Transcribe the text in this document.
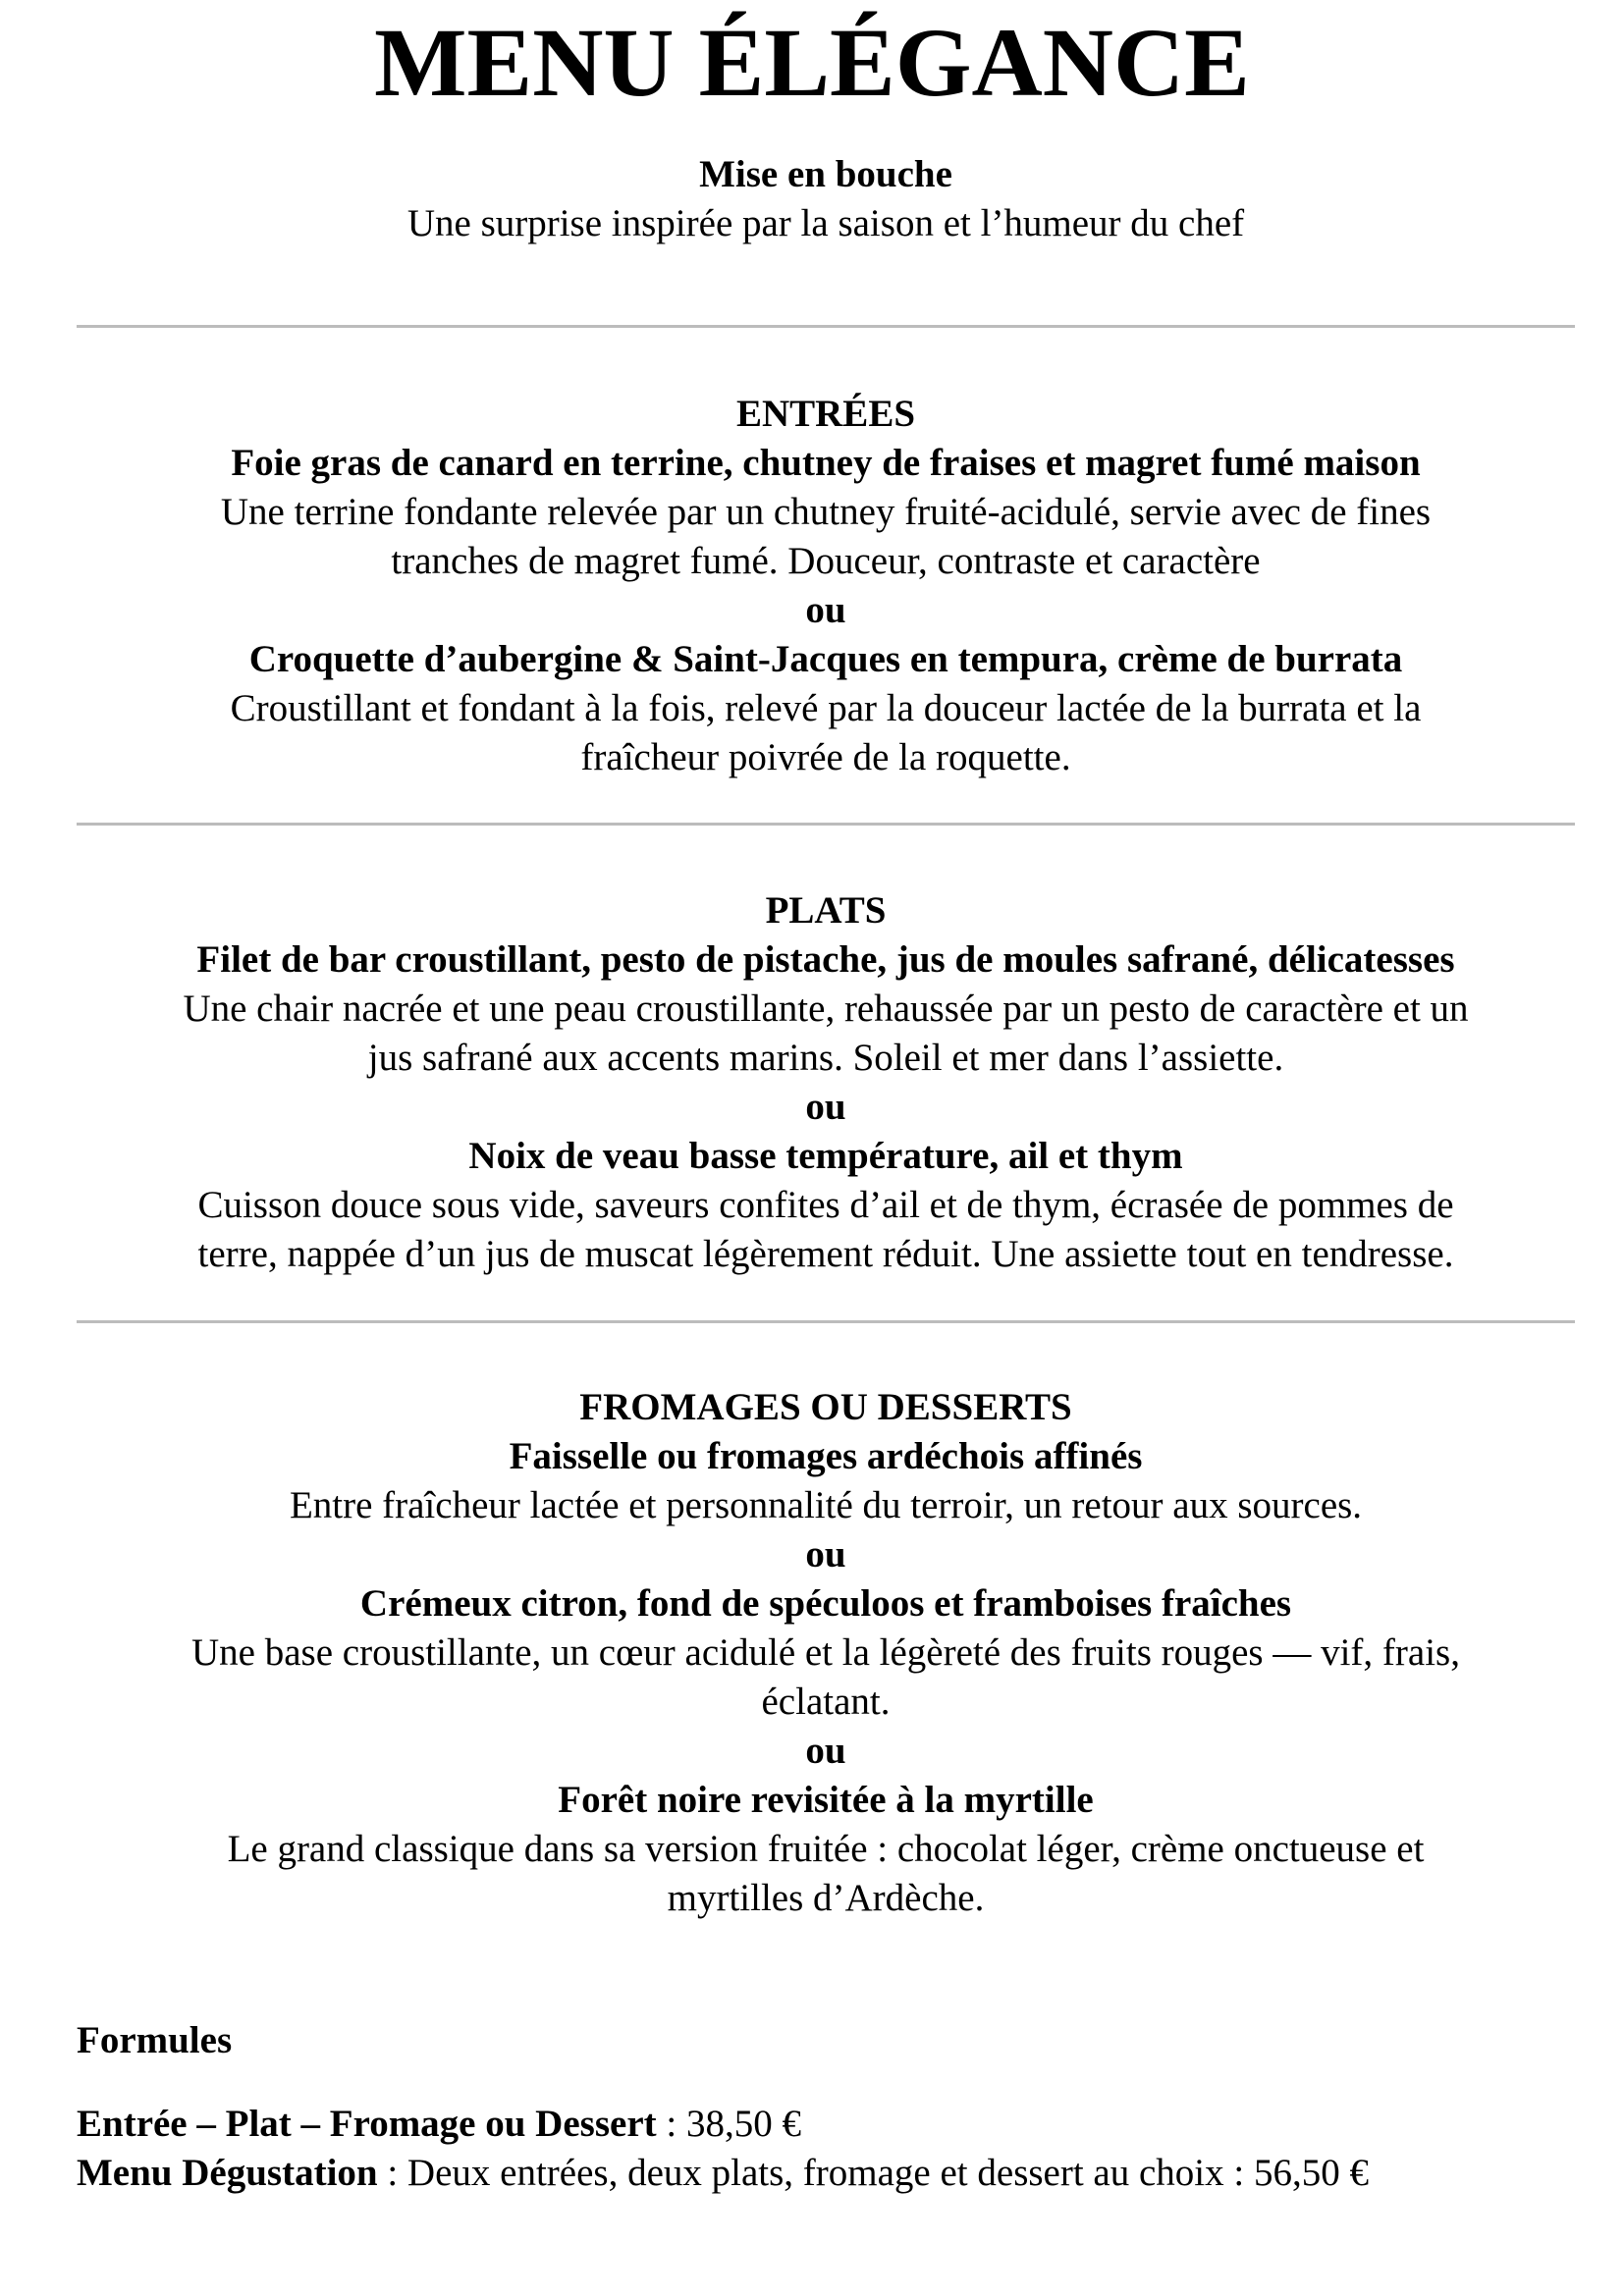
MENU ÉLÉGANCE
Mise en bouche
Une surprise inspirée par la saison et l’humeur du chef
ENTRÉES
Foie gras de canard en terrine, chutney de fraises et magret fumé maison
Une terrine fondante relevée par un chutney fruité-acidulé, servie avec de fines
tranches de magret fumé. Douceur, contraste et caractère
ou
Croquette d’aubergine & Saint-Jacques en tempura, crème de burrata
Croustillant et fondant à la fois, relevé par la douceur lactée de la burrata et la
fraîcheur poivrée de la roquette.
PLATS
Filet de bar croustillant, pesto de pistache, jus de moules safrané, délicatesses
Une chair nacrée et une peau croustillante, rehaussée par un pesto de caractère et un
jus safrané aux accents marins. Soleil et mer dans l’assiette.
ou
Noix de veau basse température, ail et thym
Cuisson douce sous vide, saveurs confites d’ail et de thym, écrasée de pommes de
terre, nappée d’un jus de muscat légèrement réduit. Une assiette tout en tendresse.
FROMAGES OU DESSERTS
Faisselle ou fromages ardéchois affinés
Entre fraîcheur lactée et personnalité du terroir, un retour aux sources.
ou
Crémeux citron, fond de spéculoos et framboises fraîches
Une base croustillante, un cœur acidulé et la légèreté des fruits rouges — vif, frais,
éclatant.
ou
Forêt noire revisitée à la myrtille
Le grand classique dans sa version fruitée : chocolat léger, crème onctueuse et
myrtilles d’Ardèche.
Formules
Entrée – Plat – Fromage ou Dessert : 38,50 €
Menu Dégustation : Deux entrées, deux plats, fromage et dessert au choix : 56,50 €
